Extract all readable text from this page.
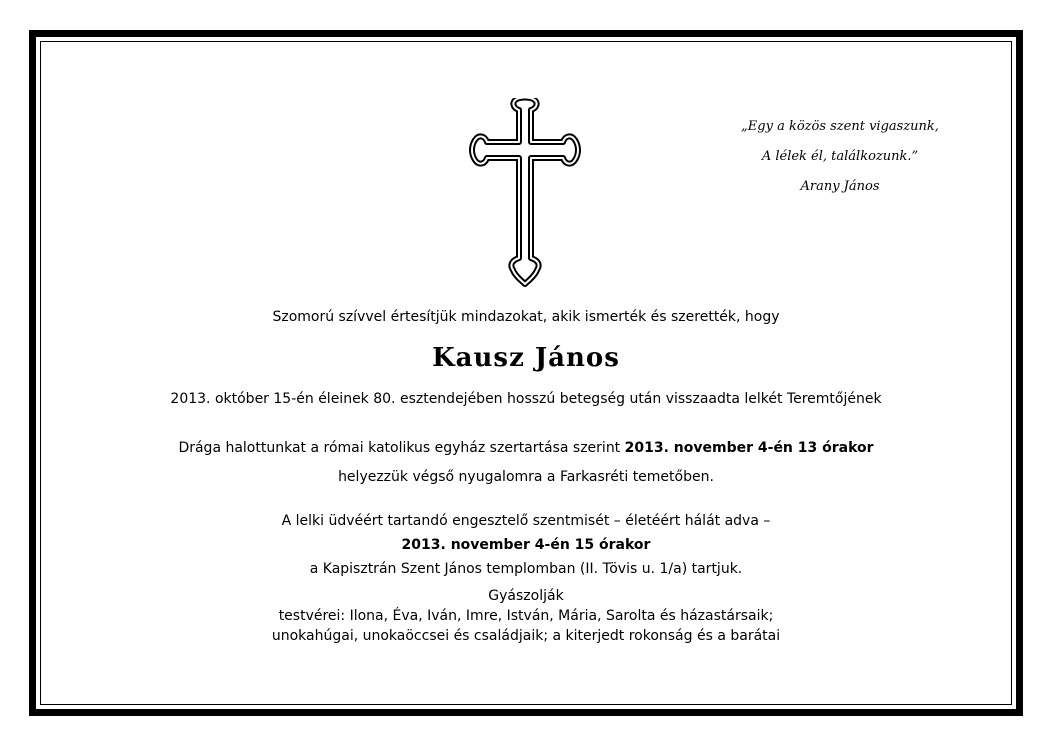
„Egy a közös szent vigaszunk,
A lélek él, találkozunk.”
Arany János
Szomorú szívvel értesítjük mindazokat, akik ismerték és szerették, hogy
Kausz János
2013. október 15-én éleinek 80. esztendejében hosszú betegség után visszaadta lelkét Teremtőjének
Drága halottunkat a római katolikus egyház szertartása szerint 2013. november 4-én 13 órakor
helyezzük végső nyugalomra a Farkasréti temetőben.
A lelki üdvéért tartandó engesztelő szentmisét – életéért hálát adva –
2013. november 4-én 15 órakor
a Kapisztrán Szent János templomban (II. Tövis u. 1/a) tartjuk.
Gyászolják
testvérei: Ilona, Éva, Iván, Imre, István, Mária, Sarolta és házastársaik;
unokahúgai, unokaöccsei és családjaik; a kiterjedt rokonság és a barátai
